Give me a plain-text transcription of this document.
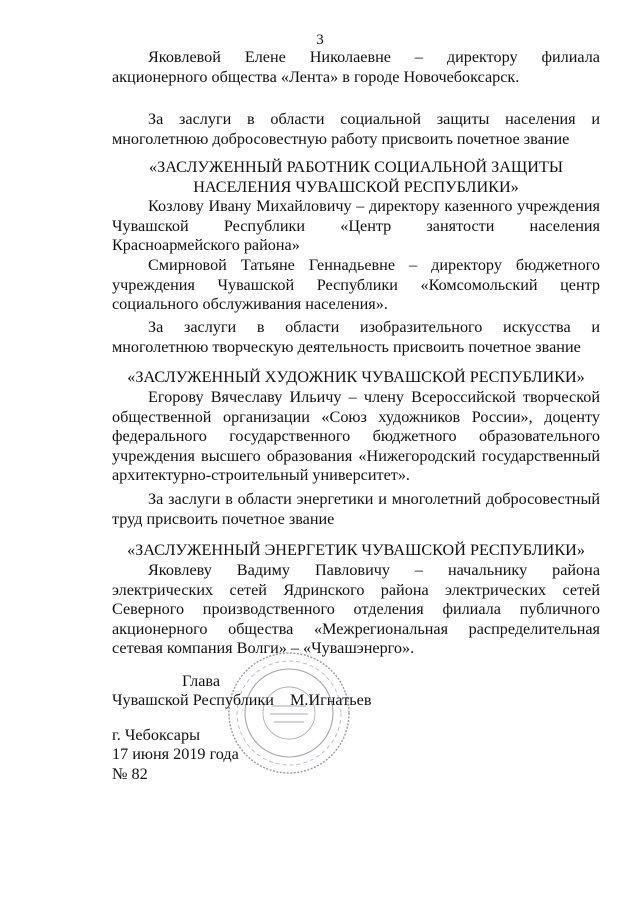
3
Яковлевой Елене Николаевне – директору филиала акционерного общества «Лента» в городе Новочебоксарск.
За заслуги в области социальной защиты населения и многолетнюю добросовестную работу присвоить почетное звание
«ЗАСЛУЖЕННЫЙ РАБОТНИК СОЦИАЛЬНОЙ ЗАЩИТЫ НАСЕЛЕНИЯ ЧУВАШСКОЙ РЕСПУБЛИКИ»
Козлову Ивану Михайловичу – директору казенного учреждения Чувашской Республики «Центр занятости населения Красноармейского района»
Смирновой Татьяне Геннадьевне – директору бюджетного учреждения Чувашской Республики «Комсомольский центр социального обслуживания населения».
За заслуги в области изобразительного искусства и многолетнюю творческую деятельность присвоить почетное звание
«ЗАСЛУЖЕННЫЙ ХУДОЖНИК ЧУВАШСКОЙ РЕСПУБЛИКИ»
Егорову Вячеславу Ильичу – члену Всероссийской творческой общественной организации «Союз художников России», доценту федерального государственного бюджетного образовательного учреждения высшего образования «Нижегородский государственный архитектурно-строительный университет».
За заслуги в области энергетики и многолетний добросовестный труд присвоить почетное звание
«ЗАСЛУЖЕННЫЙ ЭНЕРГЕТИК ЧУВАШСКОЙ РЕСПУБЛИКИ»
Яковлеву Вадиму Павловичу – начальнику района электрических сетей Ядринского района электрических сетей Северного производственного отделения филиала публичного акционерного общества «Межрегиональная распределительная сетевая компания Волги» – «Чувашэнерго».
Глава
Чувашской Республики М.Игнатьев
г. Чебоксары
17 июня 2019 года
№ 82
